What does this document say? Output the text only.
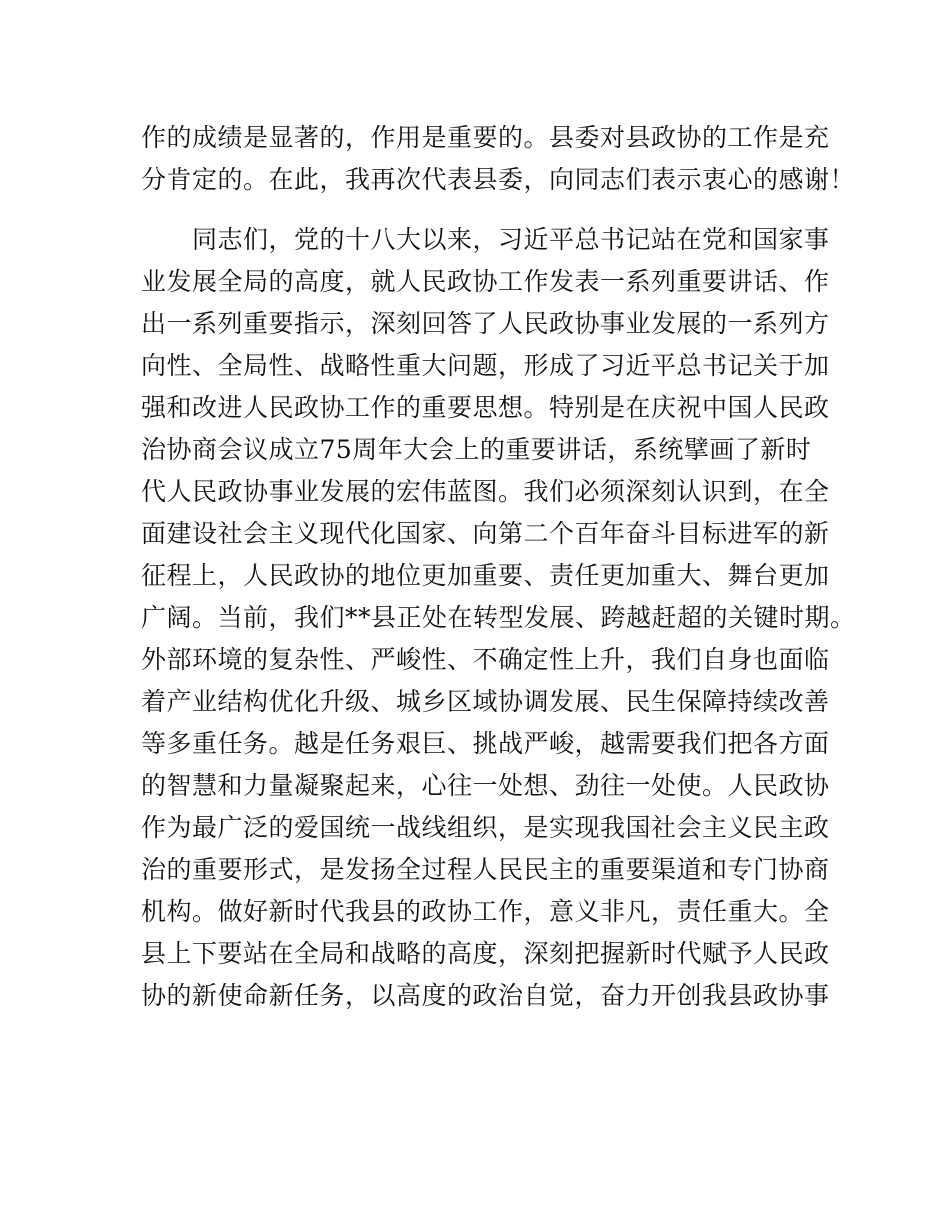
作的成绩是显著的，作用是重要的。县委对县政协的工作是充
分肯定的。在此，我再次代表县委，向同志们表示衷心的感谢！
　　同志们，党的十八大以来，习近平总书记站在党和国家事
业发展全局的高度，就人民政协工作发表一系列重要讲话、作
出一系列重要指示，深刻回答了人民政协事业发展的一系列方
向性、全局性、战略性重大问题，形成了习近平总书记关于加
强和改进人民政协工作的重要思想。特别是在庆祝中国人民政
治协商会议成立75周年大会上的重要讲话，系统擘画了新时
代人民政协事业发展的宏伟蓝图。我们必须深刻认识到，在全
面建设社会主义现代化国家、向第二个百年奋斗目标进军的新
征程上，人民政协的地位更加重要、责任更加重大、舞台更加
广阔。当前，我们**县正处在转型发展、跨越赶超的关键时期。
外部环境的复杂性、严峻性、不确定性上升，我们自身也面临
着产业结构优化升级、城乡区域协调发展、民生保障持续改善
等多重任务。越是任务艰巨、挑战严峻，越需要我们把各方面
的智慧和力量凝聚起来，心往一处想、劲往一处使。人民政协
作为最广泛的爱国统一战线组织，是实现我国社会主义民主政
治的重要形式，是发扬全过程人民民主的重要渠道和专门协商
机构。做好新时代我县的政协工作，意义非凡，责任重大。全
县上下要站在全局和战略的高度，深刻把握新时代赋予人民政
协的新使命新任务，以高度的政治自觉，奋力开创我县政协事
